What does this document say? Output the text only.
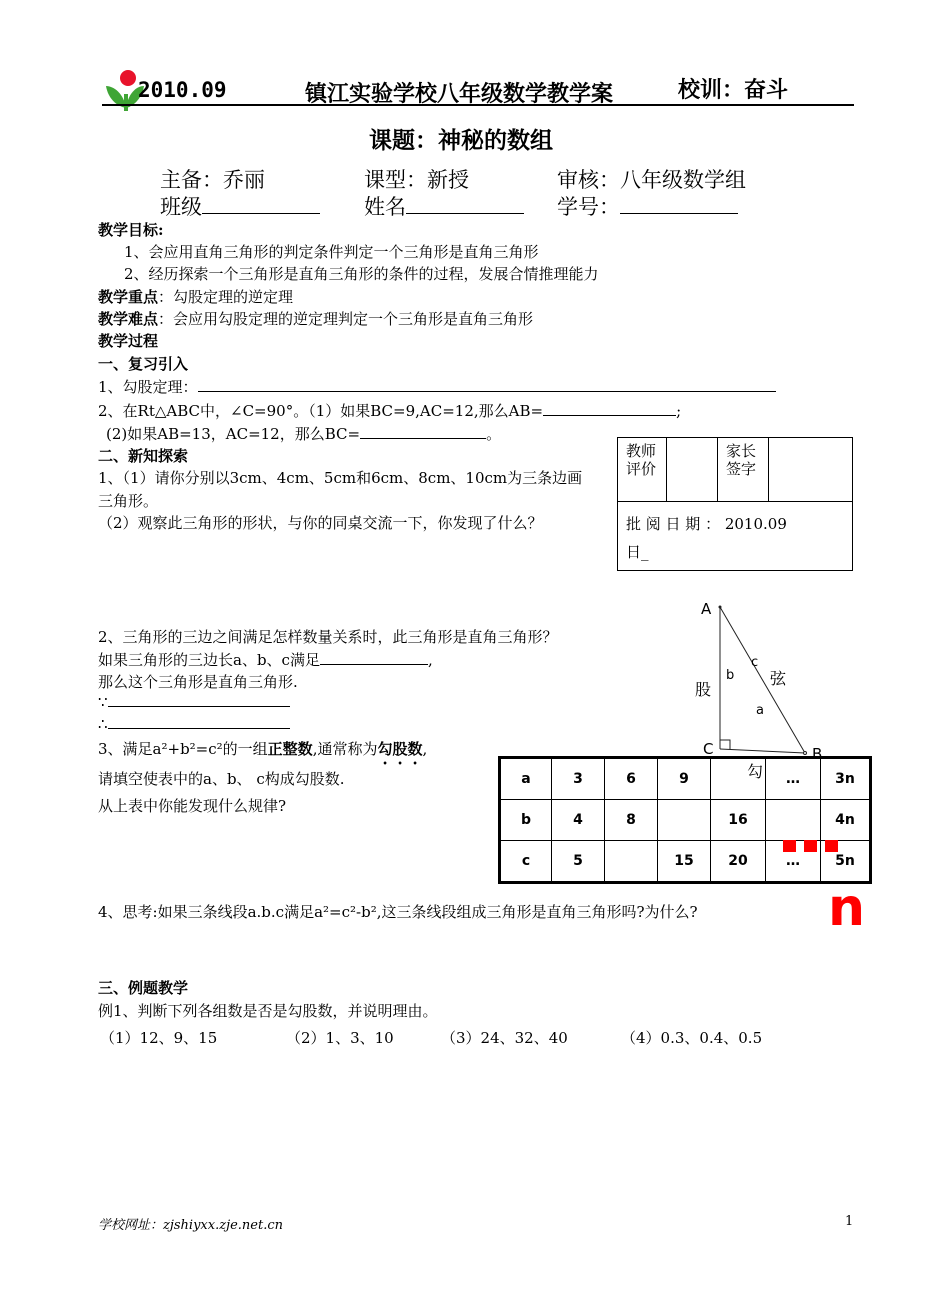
2010.09	镇江实验学校八年级数学教学案	校训：奋斗
课题：神秘的数组
主备：乔丽	课型：新授	审核：八年级数学组
班级	姓名	学号：
教学目标:
1、会应用直角三角形的判定条件判定一个三角形是直角三角形
2、经历探索一个三角形是直角三角形的条件的过程，发展合情推理能力
教学重点：勾股定理的逆定理
教学难点：会应用勾股定理的逆定理判定一个三角形是直角三角形
教学过程
一、复习引入
1、勾股定理：
2、在Rt△ABC中，∠C=90°。（1）如果BC=9,AC=12,那么AB=	;
(2)如果AB=13，AC=12，那么BC=	。
教师评价

家长签字

批 阅 日 期 ： 2010.09
日_
二、新知探索
1、（1）请你分别以3cm、4cm、5cm和6cm、8cm、10cm为三条边画
三角形。
（2）观察此三角形的形状，与你的同桌交流一下，你发现了什么？
2、三角形的三边之间满足怎样数量关系时，此三角形是直角三角形？
如果三角形的三边长a、b、c满足	,
那么这个三角形是直角三角形.
∵
∴
3、满足a²+b²=c²的一组正整数,通常称为勾股数,
请填空使表中的a、b、 c构成勾股数.
从上表中你能发现什么规律?
A
b
c
a
股
弦
C	B
a	3	6	9		…	3n
b	4	8		16		4n
c	5		15	20	…	5n
勾
4、思考:如果三条线段a.b.c满足a²=c²-b²,这三条线段组成三角形是直角三角形吗?为什么?	n
三、例题教学
例1、判断下列各组数是否是勾股数，并说明理由。
（1）12、9、15	（2）1、3、10	（3）24、32、40	（4）0.3、0.4、0.5
学校网址：zjshiyxx.zje.net.cn	1
